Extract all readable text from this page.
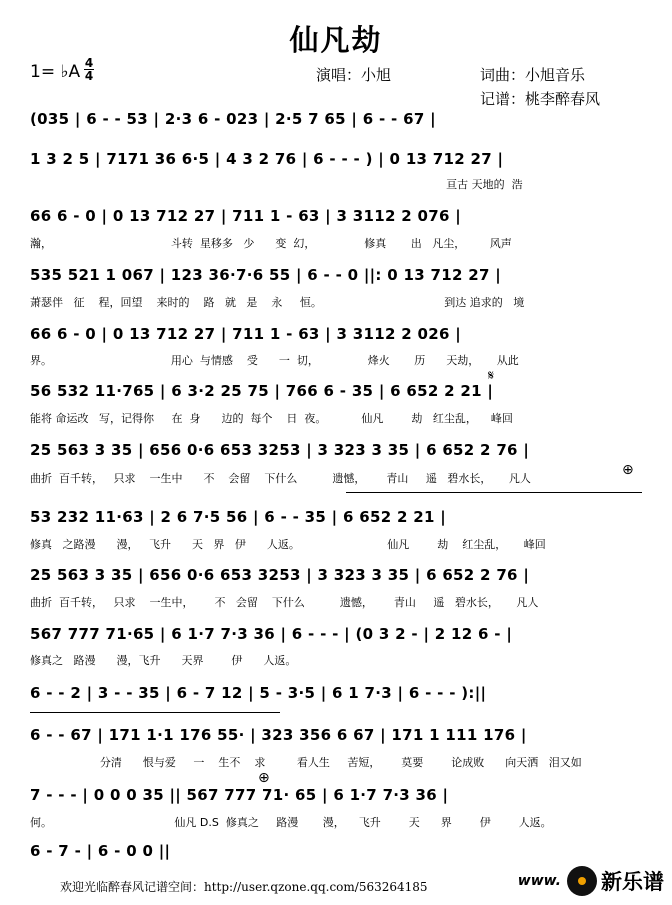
仙凡劫
1= ♭A 4
4	演唱：小旭	词曲：小旭音乐
记谱：桃李醉春风
(035 | 6 - - 53 | 2·3 6 - 023 | 2·5 7 65 | 6 - - 67 |
1 3 2 5 | 7171 36 6·5 | 4 3 2 76 | 6 - - - ) | 0 13 712 27 |
亘古 天地的  浩
66 6 - 0 | 0 13 712 27 | 711 1 - 63 | 3 3112 2 076 |
瀚，                                  斗转  星移多   少      变  幻，              修真       出   凡尘，       风声
535 521 1 067 | 123 36·7·6 55 | 6 - - 0 ||: 0 13 712 27 |
萧瑟伴   征    程，回望    来时的    路   就   是    永     恒。                                   到达 追求的   境
66 6 - 0 | 0 13 712 27 | 711 1 - 63 | 3 3112 2 026 |
界。                                  用心  与情感    受      一  切，              烽火       历      天劫，     从此
56 532 11·765 | 6 3·2 25 75 | 766 6 - 35 | 6 652 2 21 |
能将 命运改   写，记得你     在  身      边的  每个    日  夜。          仙凡        劫   红尘乱，    峰回
𝄋
25 563 3 35 | 656 0·6 653 3253 | 3 323 3 35 | 6 652 2 76 |
曲折  百千转，   只求    一生中      不    会留    下什么          遗憾，      青山     遥   碧水长，     凡人
⊕
53 232 11·63 | 2 6 7·5 56 | 6 - - 35 | 6 652 2 21 |
修真   之路漫      漫，   飞升      天   界   伊      人返。                         仙凡        劫    红尘乱，     峰回
25 563 3 35 | 656 0·6 653 3253 | 3 323 3 35 | 6 652 2 76 |
曲折  百千转，   只求    一生中，      不   会留    下什么          遗憾，      青山     遥   碧水长，     凡人
567 777 71·65 | 6 1·7 7·3 36 | 6 - - - | (0 3 2 - | 2 12 6 - |
修真之   路漫      漫，飞升      天界        伊      人返。
6 - - 2 | 3 - - 35 | 6 - 7 12 | 5 - 3·5 | 6 1 7·3 | 6 - - - ):||
6 - - 67 | 171 1·1 176 55· | 323 356 6 67 | 171 1 111 176 |
分清      恨与爱     一    生不    求         看人生     苦短，      莫要        论成败      向天洒   泪又如
⊕
7 - - - | 0 0 0 35 || 567 777 71· 65 | 6 1·7 7·3 36 |
何。                                   仙凡 D.S  修真之     路漫       漫，    飞升        天      界        伊        人返。
6 - 7 - | 6 - 0 0 ||
欢迎光临醉春风记谱空间：http://user.qzone.qq.com/563264185	www. 新乐谱
